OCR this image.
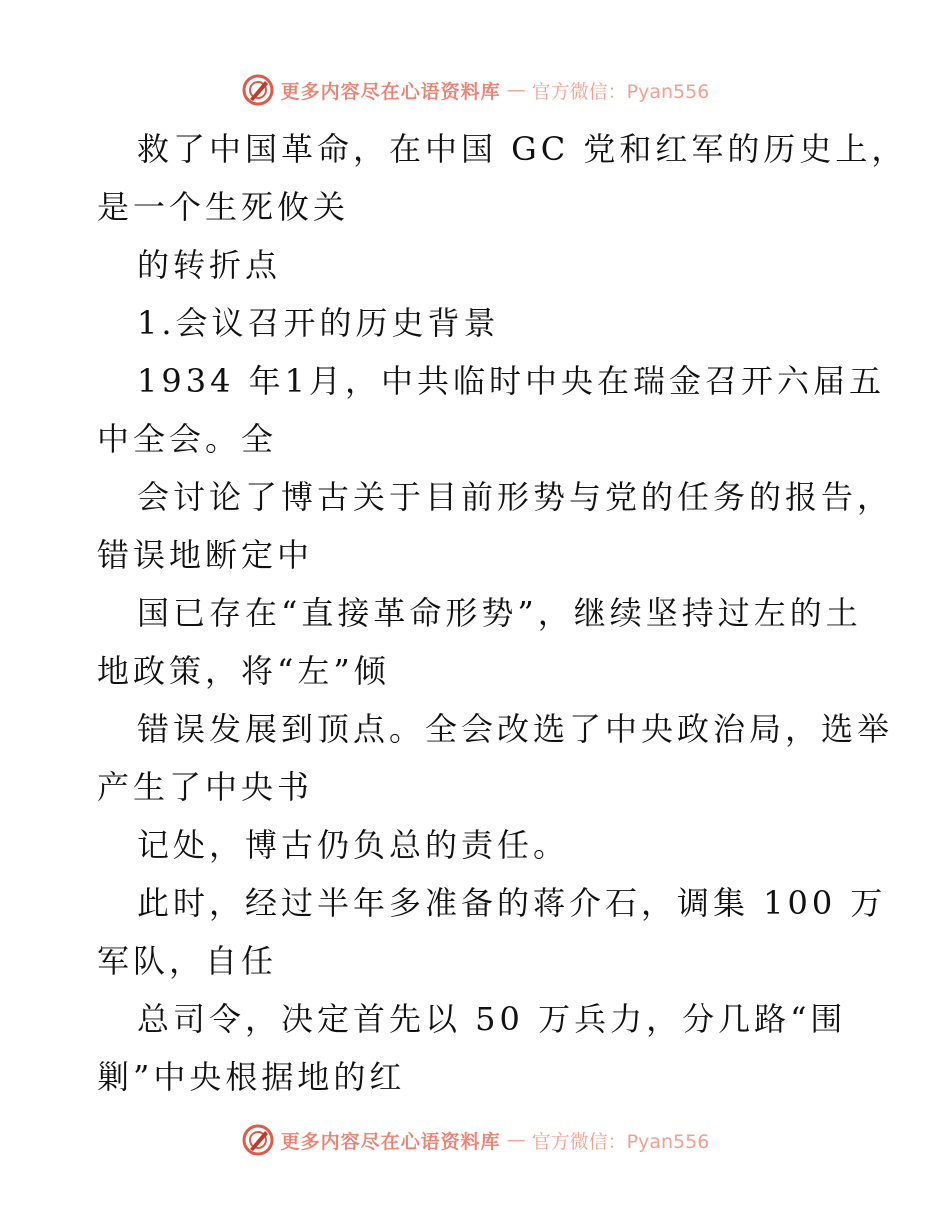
更多内容尽在心语资料库 — 官方微信：Pyan556
救了中国革命，在中国 GC 党和红军的历史上，
是一个生死攸关
的转折点
1.会议召开的历史背景
1934 年1月，中共临时中央在瑞金召开六届五
中全会。全
会讨论了博古关于目前形势与党的任务的报告，
错误地断定中
国已存在“直接革命形势”，继续坚持过左的土
地政策，将“左”倾
错误发展到顶点。全会改选了中央政治局，选举
产生了中央书
记处，博古仍负总的责任。
此时，经过半年多准备的蒋介石，调集 100 万
军队，自任
总司令，决定首先以 50 万兵力，分几路“围
剿”中央根据地的红
更多内容尽在心语资料库 — 官方微信：Pyan556
